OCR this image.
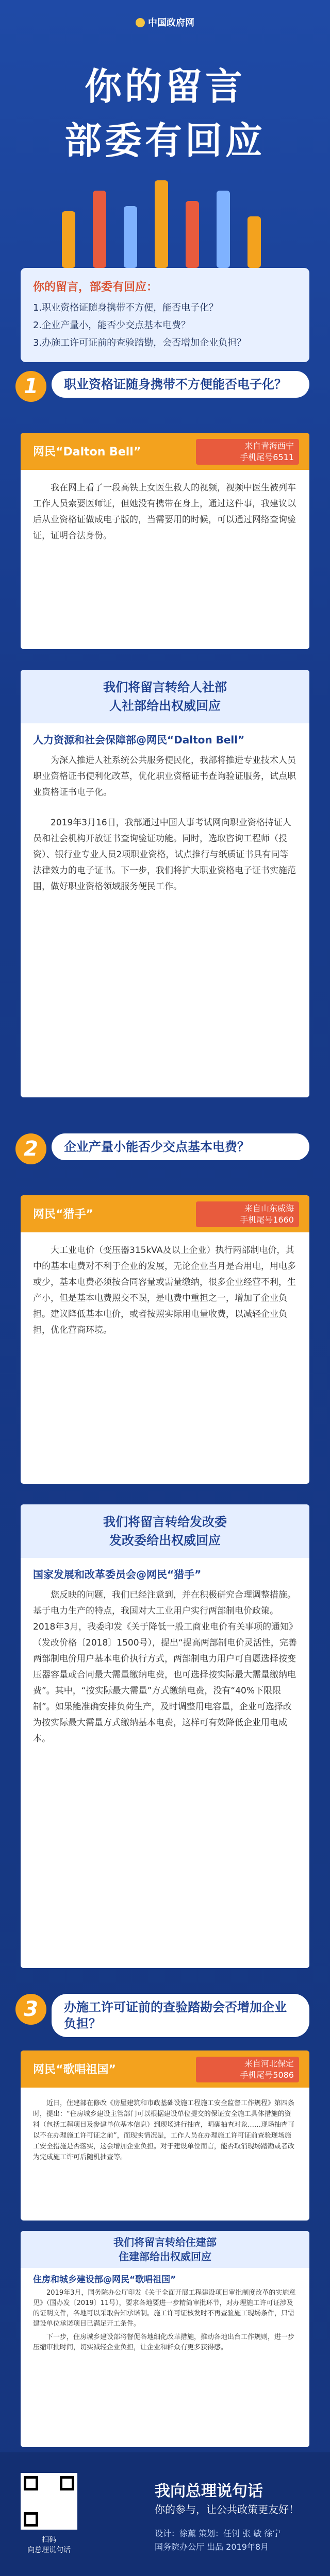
中国政府网
你的留言
部委有回应
你的留言，部委有回应：
1.职业资格证随身携带不方便，能否电子化？
2.企业产量小，能否少交点基本电费？
3.办施工许可证前的查验踏勘，会否增加企业负担？
1	职业资格证随身携带不方便能否电子化？
网民“Dalton Bell”	来自青海西宁
手机尾号6511
我在网上看了一段高铁上女医生救人的视频，视频中医生被列车工作人员索要医师证，但她没有携带在身上，通过这件事，我建议以后从业资格证做成电子版的，当需要用的时候，可以通过网络查询验证，证明合法身份。
我们将留言转给人社部
人社部给出权威回应
人力资源和社会保障部@网民“Dalton Bell”
为深入推进人社系统公共服务便民化，我部将推进专业技术人员职业资格证书便利化改革，优化职业资格证书查询验证服务，试点职业资格证书电子化。
2019年3月16日，我部通过中国人事考试网向职业资格持证人员和社会机构开放证书查询验证功能。同时，选取咨询工程师（投资）、银行业专业人员2项职业资格，试点推行与纸质证书具有同等法律效力的电子证书。下一步，我们将扩大职业资格电子证书实施范围，做好职业资格领域服务便民工作。
2	企业产量小能否少交点基本电费？
网民“猎手”	来自山东威海
手机尾号1660
大工业电价（变压器315kVA及以上企业）执行两部制电价，其中的基本电费对不利于企业的发展，无论企业当月是否用电，用电多或少，基本电费必须按合同容量或需量缴纳，很多企业经营不利，生产小，但是基本电费照交不误，是电费中重担之一，增加了企业负担。建议降低基本电价，或者按照实际用电量收费，以减轻企业负担，优化营商环境。
我们将留言转给发改委
发改委给出权威回应
国家发展和改革委员会@网民“猎手”
您反映的问题，我们已经注意到，并在积极研究合理调整措施。基于电力生产的特点，我国对大工业用户实行两部制电价政策。2018年3月，我委印发《关于降低一般工商业电价有关事项的通知》（发改价格〔2018〕1500号），提出“提高两部制电价灵活性，完善两部制电价用户基本电价执行方式，两部制电力用户可自愿选择按变压器容量或合同最大需量缴纳电费，也可选择按实际最大需量缴纳电费”。其中，“按实际最大需量”方式缴纳电费，没有“40%下限限制”。如果能准确安排负荷生产，及时调整用电容量，企业可选择改为按实际最大需量方式缴纳基本电费，这样可有效降低企业用电成本。
3	办施工许可证前的查验踏勘会否增加企业负担？
网民“歌唱祖国”	来自河北保定
手机尾号5086
近日，住建部在修改《房屋建筑和市政基础设施工程施工安全监督工作规程》第四条时，提出：“住房城乡建设主管部门可以根据建设单位提交的保证安全施工具体措施的资料（包括工程项目及参建单位基本信息）到现场进行抽查，明确抽查对象……现场抽查可以不在办理施工许可证之前”，而现实情况是，工作人员在办理施工许可证前查验现场施工安全措施是否落实，这会增加企业负担。对于建设单位而言，能否取消现场踏勘或者改为完成施工许可后随机抽查等。
我们将留言转给住建部
住建部给出权威回应
住房和城乡建设部@网民“歌唱祖国”
2019年3月，国务院办公厅印发《关于全面开展工程建设项目审批制度改革的实施意见》（国办发〔2019〕11号），要求各地要进一步精简审批环节，对办理施工许可证涉及的证明文件，各地可以采取告知承诺制。施工许可证核发时不再查验施工现场条件，只需建设单位承诺项目已满足开工条件。
下一步，住房城乡建设部将督促各地细化改革措施，推动各地出台工作规则，进一步压缩审批时间，切实减轻企业负担，让企业和群众有更多获得感。
扫码
向总理说句话
我向总理说句话
你的参与，让公共政策更友好！
设计：徐薰 策划：任钊 张 敏 徐宁
国务院办公厅 出品 2019年8月
